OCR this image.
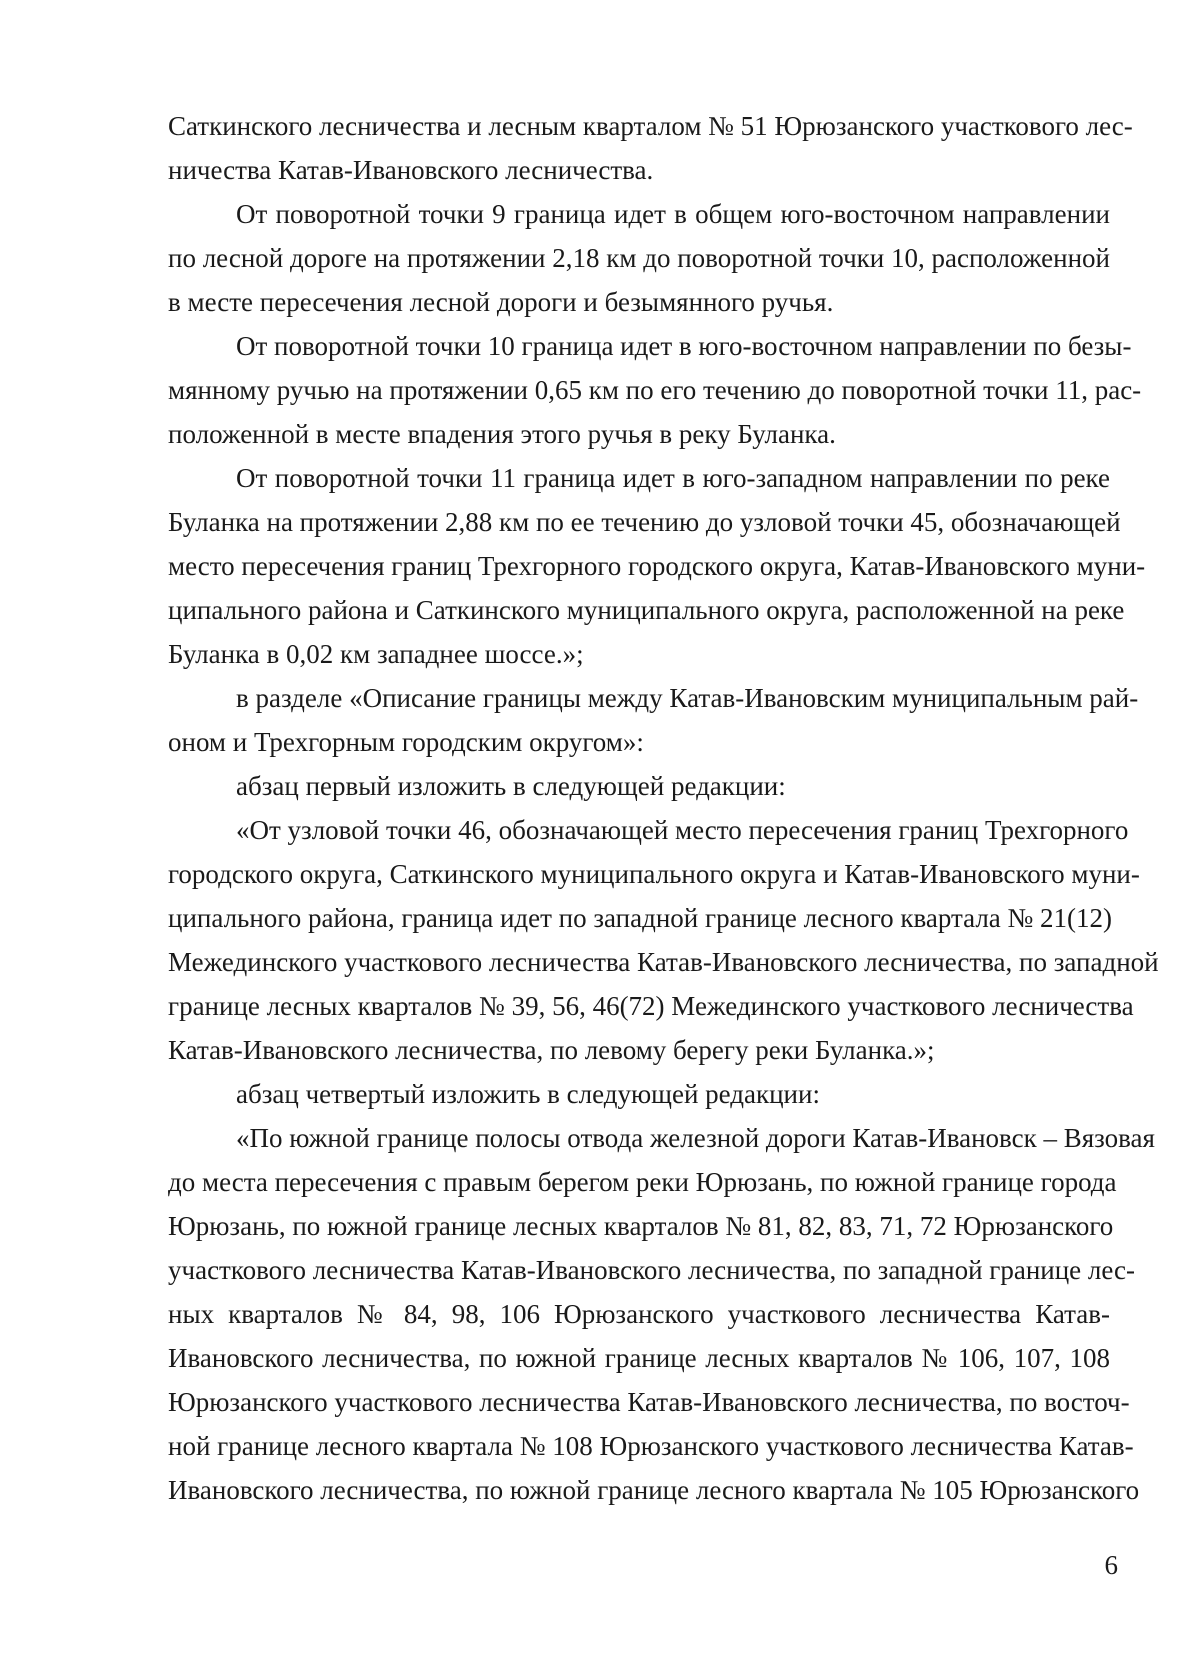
Саткинского лесничества и лесным кварталом № 51 Юрюзанского участкового лес-
ничества Катав-Ивановского лесничества.
От поворотной точки 9 граница идет в общем юго-восточном направлении
по лесной дороге на протяжении 2,18 км до поворотной точки 10, расположенной
в месте пересечения лесной дороги и безымянного ручья.
От поворотной точки 10 граница идет в юго-восточном направлении по безы-
мянному ручью на протяжении 0,65 км по его течению до поворотной точки 11, рас-
положенной в месте впадения этого ручья в реку Буланка.
От поворотной точки 11 граница идет в юго-западном направлении по реке
Буланка на протяжении 2,88 км по ее течению до узловой точки 45, обозначающей
место пересечения границ Трехгорного городского округа, Катав-Ивановского муни-
ципального района и Саткинского муниципального округа, расположенной на реке
Буланка в 0,02 км западнее шоссе.»;
в разделе «Описание границы между Катав-Ивановским муниципальным рай-
оном и Трехгорным городским округом»:
абзац первый изложить в следующей редакции:
«От узловой точки 46, обозначающей место пересечения границ Трехгорного
городского округа, Саткинского муниципального округа и Катав-Ивановского муни-
ципального района, граница идет по западной границе лесного квартала № 21(12)
Межединского участкового лесничества Катав-Ивановского лесничества, по западной
границе лесных кварталов № 39, 56, 46(72) Межединского участкового лесничества
Катав-Ивановского лесничества, по левому берегу реки Буланка.»;
абзац четвертый изложить в следующей редакции:
«По южной границе полосы отвода железной дороги Катав-Ивановск – Вязовая
до места пересечения с правым берегом реки Юрюзань, по южной границе города
Юрюзань, по южной границе лесных кварталов № 81, 82, 83, 71, 72 Юрюзанского
участкового лесничества Катав-Ивановского лесничества, по западной границе лес-
ных кварталов № 84, 98, 106 Юрюзанского участкового лесничества Катав-
Ивановского лесничества, по южной границе лесных кварталов № 106, 107, 108
Юрюзанского участкового лесничества Катав-Ивановского лесничества, по восточ-
ной границе лесного квартала № 108 Юрюзанского участкового лесничества Катав-
Ивановского лесничества, по южной границе лесного квартала № 105 Юрюзанского
6
